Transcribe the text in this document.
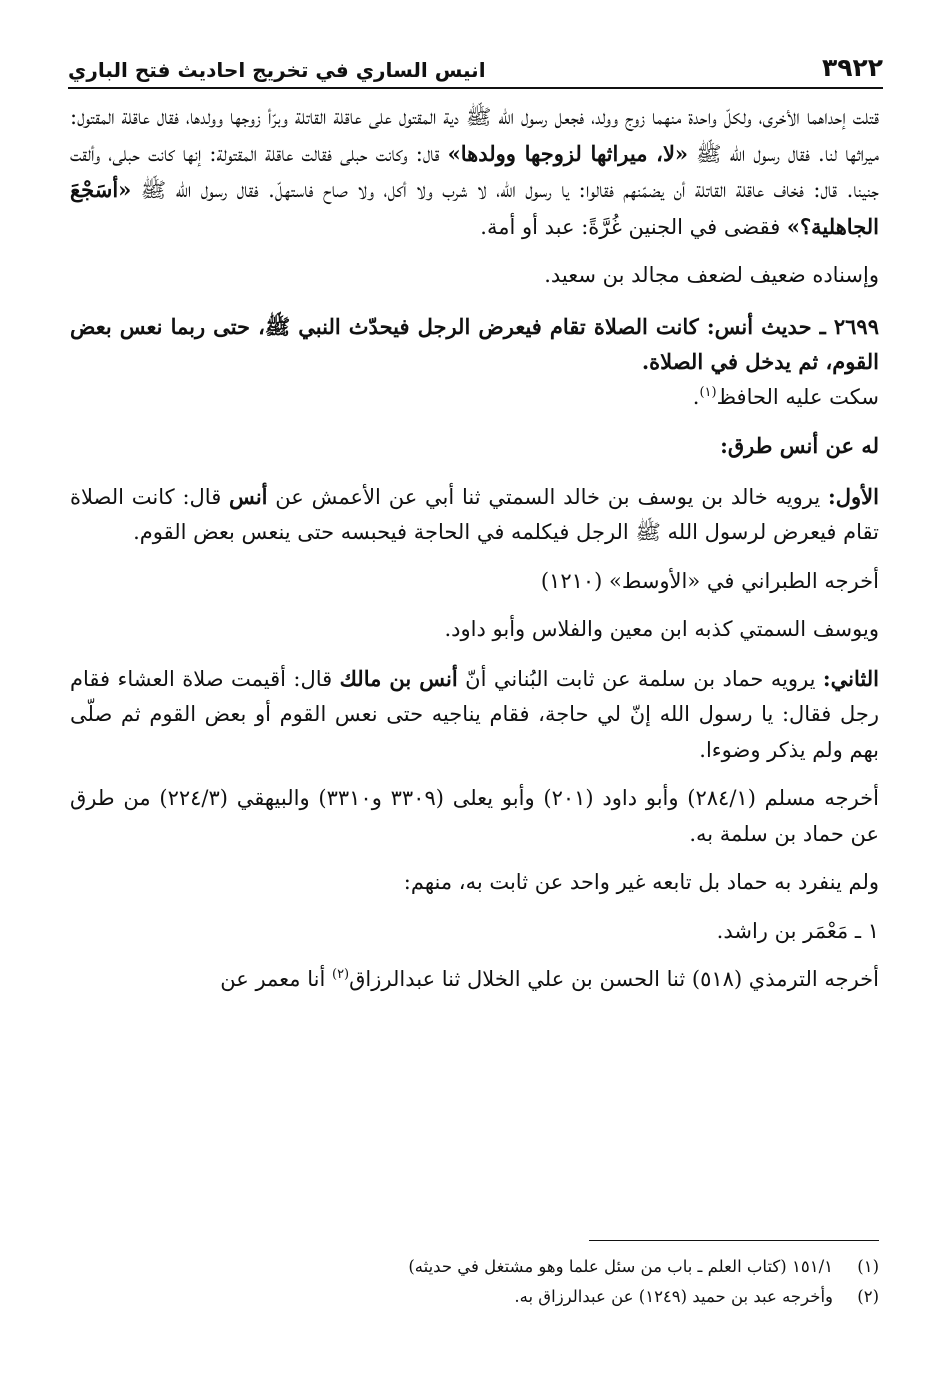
٣٩٢٢
انيس الساري في تخريج احاديث فتح الباري

قتلت إحداهما الأخرى، ولكلّ واحدة منهما زوج وولد، فجعل رسول الله ﷺ دية المقتول على عاقلة القاتلة وبرّأ زوجها وولدها، فقال عاقلة المقتول: ميراثها لنا. فقال رسول الله ﷺ «لا، ميراثها لزوجها وولدها» قال: وكانت حبلى فقالت عاقلة المقتولة: إنها كانت حبلى، وألقت جنينا. قال: فخاف عاقلة القاتلة أن يضمّنهم فقالوا: يا رسول الله، لا شرب ولا أكل، ولا صاح فاستهلّ. فقال رسول الله ﷺ «أسَجْعَ الجاهلية؟» فقضى في الجنين غُرَّةً: عبد أو أمة.

وإسناده ضعيف لضعف مجالد بن سعيد.

٢٦٩٩ ـ حديث أنس: كانت الصلاة تقام فيعرض الرجل فيحدّث النبي ﷺ، حتى ربما نعس بعض القوم، ثم يدخل في الصلاة.

سكت عليه الحافظ$^{(١)}$.

له عن أنس طرق:

الأول: يرويه خالد بن يوسف بن خالد السمتي ثنا أبي عن الأعمش عن أنس قال: كانت الصلاة تقام فيعرض لرسول الله ﷺ الرجل فيكلمه في الحاجة فيحبسه حتى ينعس بعض القوم.

أخرجه الطبراني في «الأوسط» (١٢١٠)

ويوسف السمتي كذبه ابن معين والفلاس وأبو داود.

الثاني: يرويه حماد بن سلمة عن ثابت البُناني أنّ أنس بن مالك قال: أقيمت صلاة العشاء فقام رجل فقال: يا رسول الله إنّ لي حاجة، فقام يناجيه حتى نعس القوم أو بعض القوم ثم صلّى بهم ولم يذكر وضوءا.

أخرجه مسلم (٢٨٤/١) وأبو داود (٢٠١) وأبو يعلى (٣٣٠٩ و٣٣١٠) والبيهقي (٢٢٤/٣) من طرق عن حماد بن سلمة به.

ولم ينفرد به حماد بل تابعه غير واحد عن ثابت به، منهم:

١ ـ مَعْمَر بن راشد.

أخرجه الترمذي (٥١٨) ثنا الحسن بن علي الخلال ثنا عبدالرزاق$^{(٢)}$ أنا معمر عن

(١)
١٥١/١ (كتاب العلم ـ باب من سئل علما وهو مشتغل في حديثه)
(٢)
وأخرجه عبد بن حميد (١٢٤٩) عن عبدالرزاق به.
